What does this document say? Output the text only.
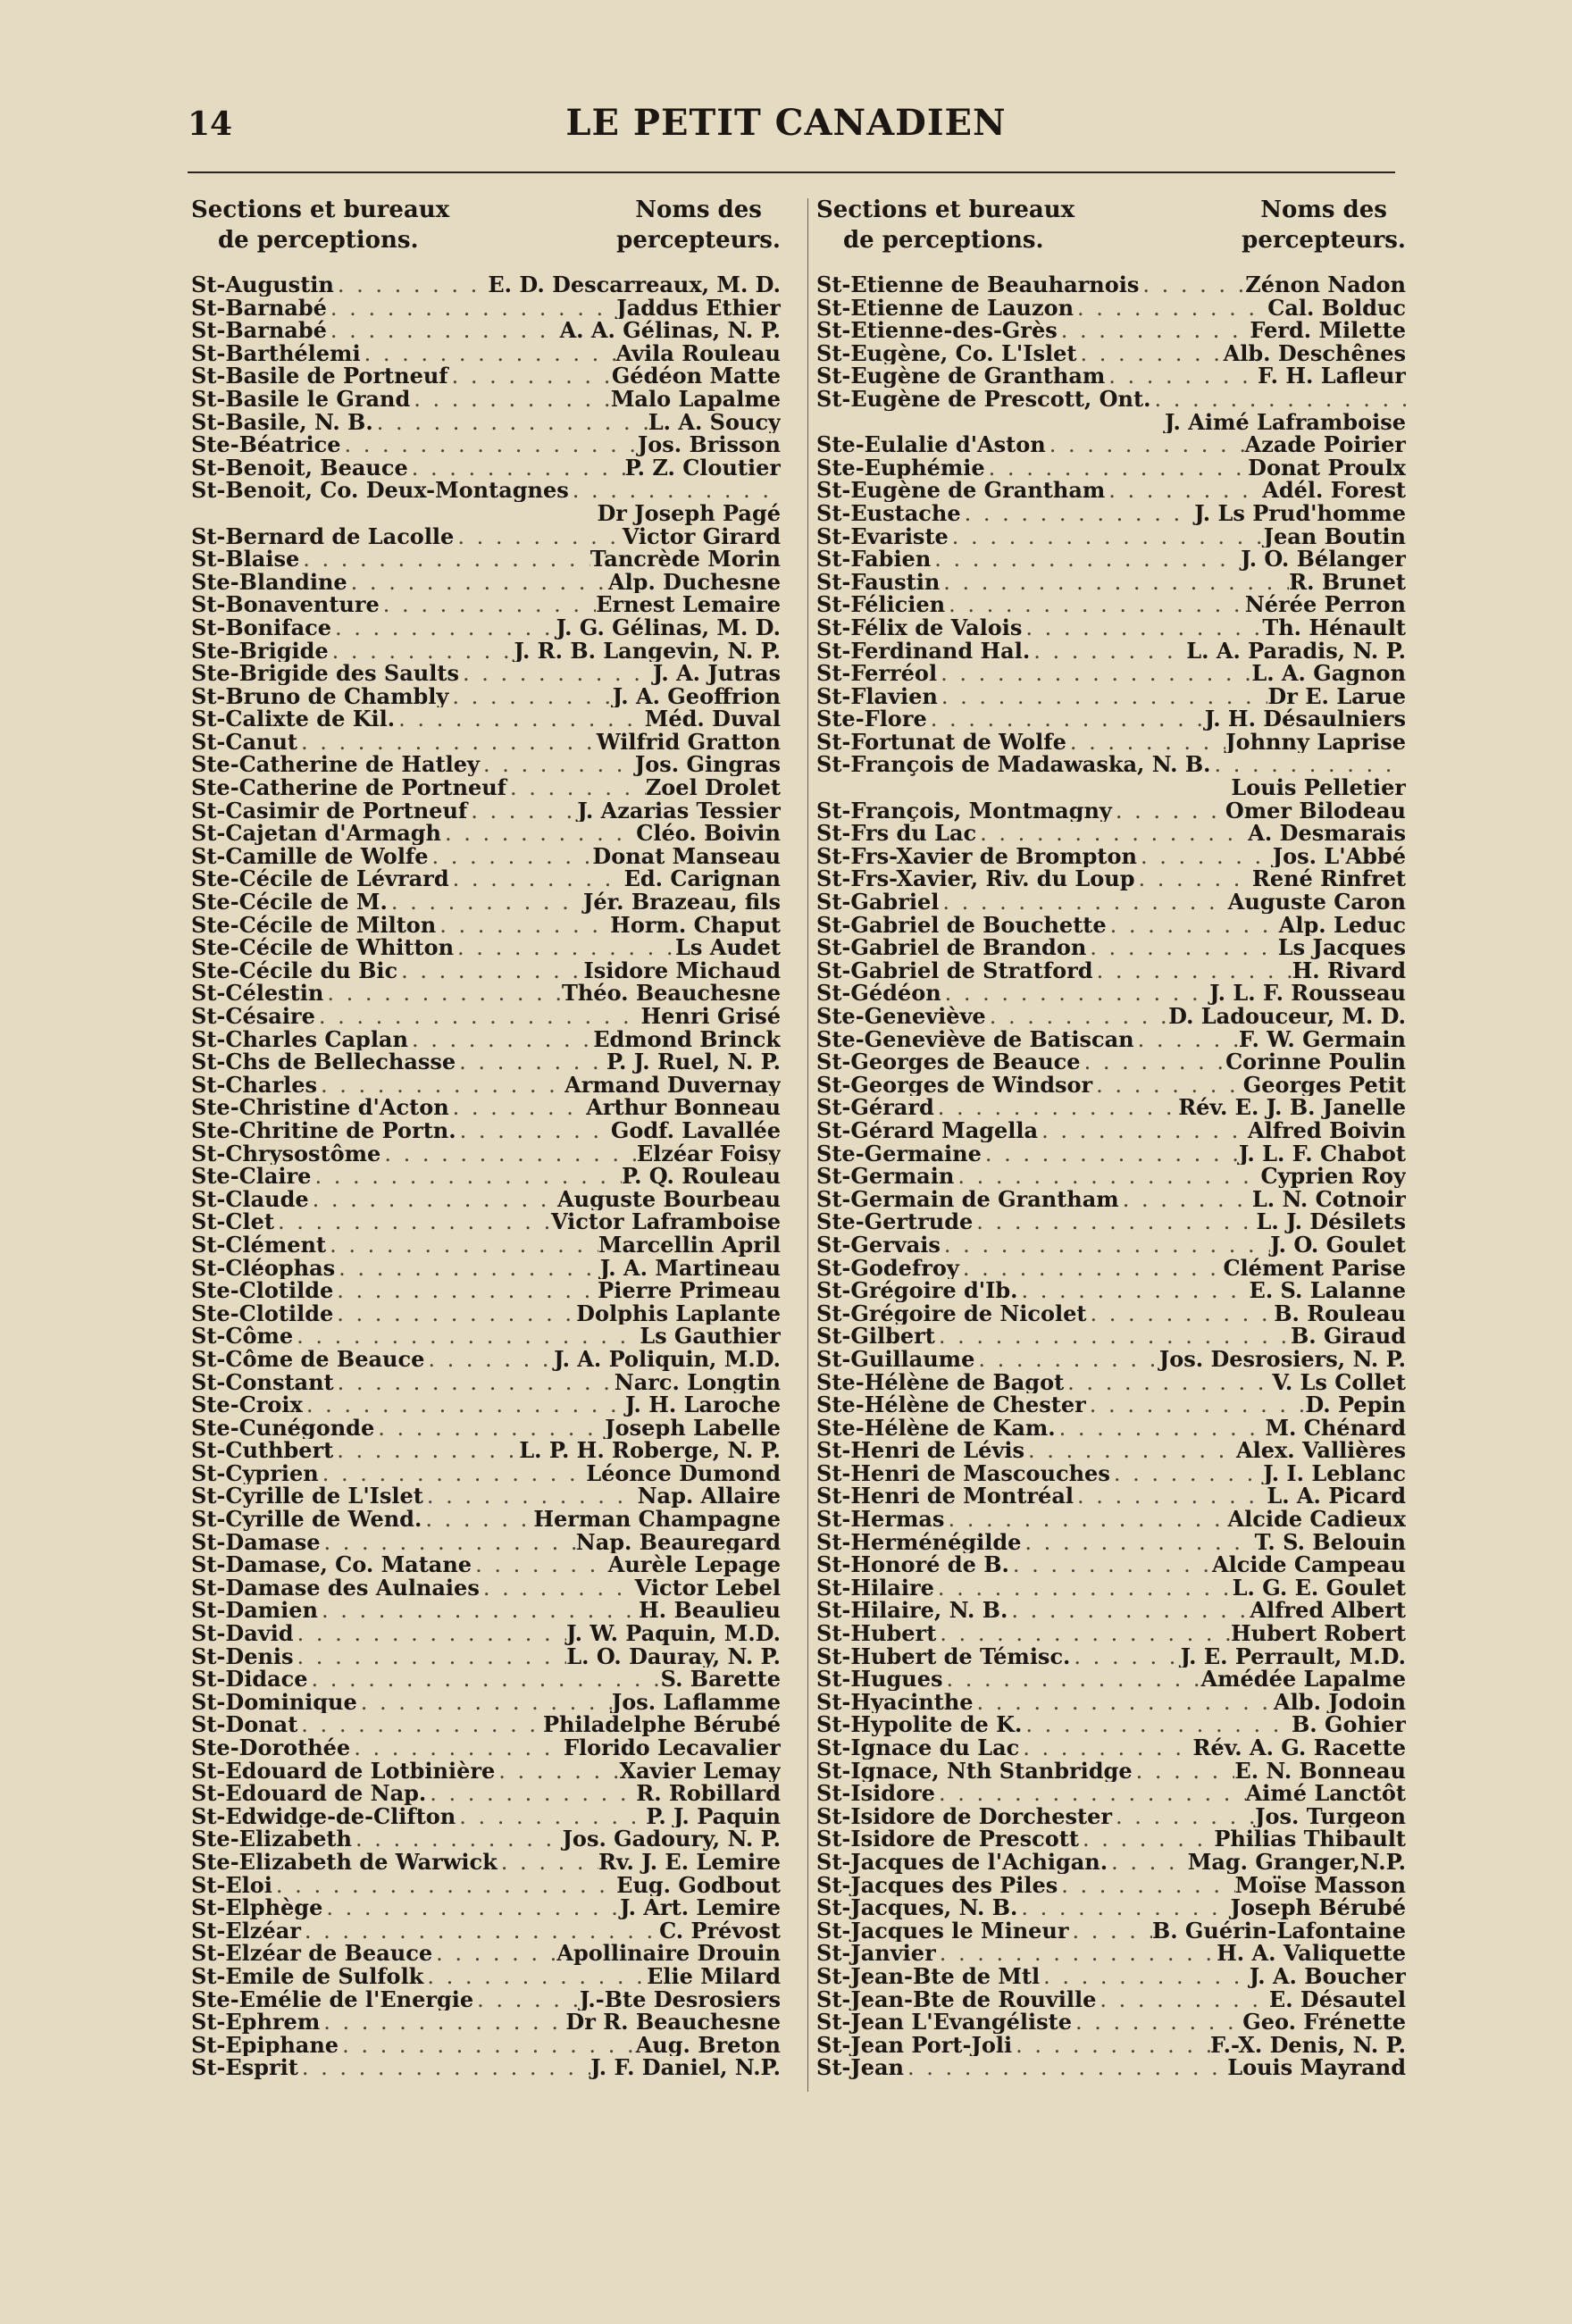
14	LE PETIT CANADIEN
Sections et bureaux
de perceptions.
Noms des
percepteurs.
St-Augustin . . .	E. D. Descarreaux, M. D.
St-Barnabé . . .	Jaddus Ethier
St-Barnabé . . .	A. A. Gélinas, N. P.
St-Barthélemi . . .	Avila Rouleau
St-Basile de Portneuf . . .	Gédéon Matte
St-Basile le Grand . . .	Malo Lapalme
St-Basile, N. B. . . .	L. A. Soucy
Ste-Béatrice . . .	Jos. Brisson
St-Benoit, Beauce . . .	P. Z. Cloutier
St-Benoit, Co. Deux-Montagnes
. . .
Dr Joseph Pagé
St-Bernard de Lacolle . . .	Victor Girard
St-Blaise . . .	Tancrède Morin
Ste-Blandine . . .	Alp. Duchesne
St-Bonaventure . . .	Ernest Lemaire
St-Boniface . . .	J. G. Gélinas, M. D.
Ste-Brigide . . .	J. R. B. Langevin, N. P.
Ste-Brigide des Saults . . .	J. A. Jutras
St-Bruno de Chambly . . .	J. A. Geoffrion
St-Calixte de Kil. . . .	Méd. Duval
St-Canut . . .	Wilfrid Gratton
Ste-Catherine de Hatley . . .	Jos. Gingras
Ste-Catherine de Portneuf . . .	Zoel Drolet
St-Casimir de Portneuf . . .	J. Azarias Tessier
St-Cajetan d'Armagh . . .	Cléo. Boivin
St-Camille de Wolfe . . .	Donat Manseau
Ste-Cécile de Lévrard . . .	Ed. Carignan
Ste-Cécile de M. . . .	Jér. Brazeau, fils
Ste-Cécile de Milton . . .	Horm. Chaput
Ste-Cécile de Whitton . . .	Ls Audet
Ste-Cécile du Bic . . .	Isidore Michaud
St-Célestin . . .	Théo. Beauchesne
St-Césaire . . .	Henri Grisé
St-Charles Caplan . . .	Edmond Brinck
St-Chs de Bellechasse . . .	P. J. Ruel, N. P.
St-Charles . . .	Armand Duvernay
Ste-Christine d'Acton . . .	Arthur Bonneau
Ste-Chritine de Portn. . . .	Godf. Lavallée
St-Chrysostôme . . .	Elzéar Foisy
Ste-Claire . . .	P. Q. Rouleau
St-Claude . . .	Auguste Bourbeau
St-Clet . . .	Victor Laframboise
St-Clément . . .	Marcellin April
St-Cléophas . . .	J. A. Martineau
Ste-Clotilde . . .	Pierre Primeau
Ste-Clotilde . . .	Dolphis Laplante
St-Côme . . .	Ls Gauthier
St-Côme de Beauce . . .	J. A. Poliquin, M.D.
St-Constant . . .	Narc. Longtin
Ste-Croix . . .	J. H. Laroche
Ste-Cunégonde . . .	Joseph Labelle
St-Cuthbert . . .	L. P. H. Roberge, N. P.
St-Cyprien . . .	Léonce Dumond
St-Cyrille de L'Islet . . .	Nap. Allaire
St-Cyrille de Wend. . . .	Herman Champagne
St-Damase . . .	Nap. Beauregard
St-Damase, Co. Matane . . .	Aurèle Lepage
St-Damase des Aulnaies . . .	Victor Lebel
St-Damien . . .	H. Beaulieu
St-David . . .	J. W. Paquin, M.D.
St-Denis . . .	L. O. Dauray, N. P.
St-Didace . . .	S. Barette
St-Dominique . . .	Jos. Laflamme
St-Donat . . .	Philadelphe Bérubé
Ste-Dorothée . . .	Florido Lecavalier
St-Edouard de Lotbinière . . .	Xavier Lemay
St-Edouard de Nap. . . .	R. Robillard
St-Edwidge-de-Clifton . . .	P. J. Paquin
Ste-Elizabeth . . .	Jos. Gadoury, N. P.
Ste-Elizabeth de Warwick . . .	Rv. J. E. Lemire
St-Eloi . . .	Eug. Godbout
St-Elphège . . .	J. Art. Lemire
St-Elzéar . . .	C. Prévost
St-Elzéar de Beauce . . .	Apollinaire Drouin
St-Emile de Sulfolk . . .	Elie Milard
Ste-Emélie de l'Energie . . .	J.-Bte Desrosiers
St-Ephrem . . .	Dr R. Beauchesne
St-Epiphane . . .	Aug. Breton
St-Esprit . . .	J. F. Daniel, N.P.
Sections et bureaux
de perceptions.
Noms des
percepteurs.
St-Etienne de Beauharnois . . .	Zénon Nadon
St-Etienne de Lauzon . . .	Cal. Bolduc
St-Etienne-des-Grès . . .	Ferd. Milette
St-Eugène, Co. L'Islet . . .	Alb. Deschênes
St-Eugène de Grantham . . .	F. H. Lafleur
St-Eugène de Prescott, Ont.
. . .
J. Aimé Laframboise
Ste-Eulalie d'Aston . . .	Azade Poirier
Ste-Euphémie . . .	Donat Proulx
St-Eugène de Grantham . . .	Adél. Forest
St-Eustache . . .	J. Ls Prud'homme
St-Evariste . . .	Jean Boutin
St-Fabien . . .	J. O. Bélanger
St-Faustin . . .	R. Brunet
St-Félicien . . .	Nérée Perron
St-Félix de Valois . . .	Th. Hénault
St-Ferdinand Hal. . . .	L. A. Paradis, N. P.
St-Ferréol . . .	L. A. Gagnon
St-Flavien . . .	Dr E. Larue
Ste-Flore . . .	J. H. Désaulniers
St-Fortunat de Wolfe . . .	Johnny Laprise
St-François de Madawaska, N. B.
. . .
Louis Pelletier
St-François, Montmagny . . .	Omer Bilodeau
St-Frs du Lac . . .	A. Desmarais
St-Frs-Xavier de Brompton . . .	Jos. L'Abbé
St-Frs-Xavier, Riv. du Loup . . .	René Rinfret
St-Gabriel . . .	Auguste Caron
St-Gabriel de Bouchette . . .	Alp. Leduc
St-Gabriel de Brandon . . .	Ls Jacques
St-Gabriel de Stratford . . .	H. Rivard
St-Gédéon . . .	J. L. F. Rousseau
Ste-Geneviève . . .	D. Ladouceur, M. D.
Ste-Geneviève de Batiscan . . .	F. W. Germain
St-Georges de Beauce . . .	Corinne Poulin
St-Georges de Windsor . . .	Georges Petit
St-Gérard . . .	Rév. E. J. B. Janelle
St-Gérard Magella . . .	Alfred Boivin
Ste-Germaine . . .	J. L. F. Chabot
St-Germain . . .	Cyprien Roy
St-Germain de Grantham . . .	L. N. Cotnoir
Ste-Gertrude . . .	L. J. Désilets
St-Gervais . . .	J. O. Goulet
St-Godefroy . . .	Clément Parise
St-Grégoire d'Ib. . . .	E. S. Lalanne
St-Grégoire de Nicolet . . .	B. Rouleau
St-Gilbert . . .	B. Giraud
St-Guillaume . . .	Jos. Desrosiers, N. P.
Ste-Hélène de Bagot . . .	V. Ls Collet
Ste-Hélène de Chester . . .	D. Pepin
Ste-Hélène de Kam. . . .	M. Chénard
St-Henri de Lévis . . .	Alex. Vallières
St-Henri de Mascouches . . .	J. I. Leblanc
St-Henri de Montréal . . .	L. A. Picard
St-Hermas . . .	Alcide Cadieux
St-Herménégilde . . .	T. S. Belouin
St-Honoré de B. . . .	Alcide Campeau
St-Hilaire . . .	L. G. E. Goulet
St-Hilaire, N. B. . . .	Alfred Albert
St-Hubert . . .	Hubert Robert
St-Hubert de Témisc. . . .	J. E. Perrault, M.D.
St-Hugues . . .	Amédée Lapalme
St-Hyacinthe . . .	Alb. Jodoin
St-Hypolite de K. . . .	B. Gohier
St-Ignace du Lac . . .	Rév. A. G. Racette
St-Ignace, Nth Stanbridge . . .	E. N. Bonneau
St-Isidore . . .	Aimé Lanctôt
St-Isidore de Dorchester . . .	Jos. Turgeon
St-Isidore de Prescott . . .	Philias Thibault
St-Jacques de l'Achigan. . . .	Mag. Granger,N.P.
St-Jacques des Piles . . .	Moïse Masson
St-Jacques, N. B. . . .	Joseph Bérubé
St-Jacques le Mineur . . .	B. Guérin-Lafontaine
St-Janvier . . .	H. A. Valiquette
St-Jean-Bte de Mtl . . .	J. A. Boucher
St-Jean-Bte de Rouville . . .	E. Désautel
St-Jean L'Evangéliste . . .	Geo. Frénette
St-Jean Port-Joli . . .	F.-X. Denis, N. P.
St-Jean . . .	Louis Mayrand
